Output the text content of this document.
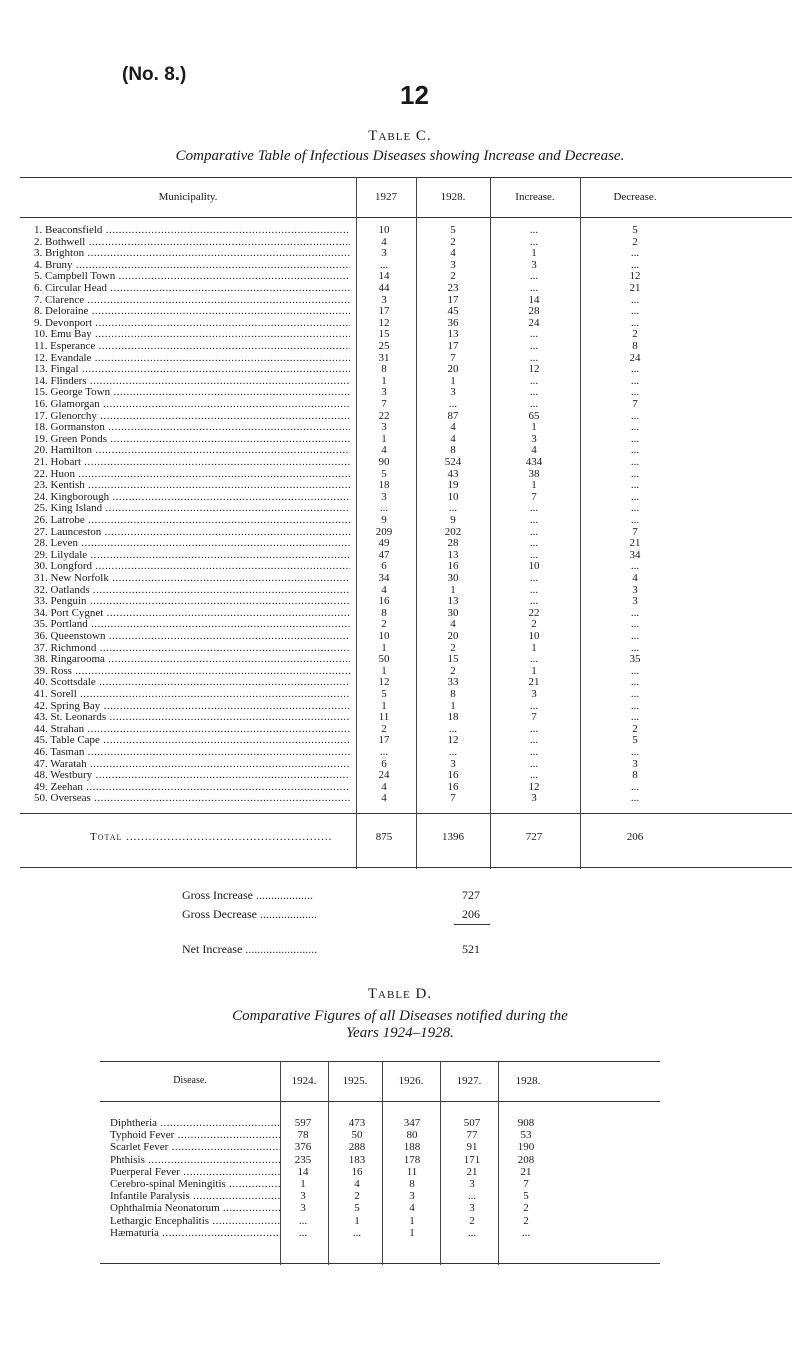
(No. 8.)
12
Table C.
Comparative Table of Infectious Diseases showing Increase and Decrease.
Municipality.	1927	1928.	Increase.	Decrease.
1. Beaconsfield .....	10	5	...	5
2. Bothwell .....	4	2	...	2
3. Brighton .....	3	4	1	...
4. Bruny .....	...	3	3	...
5. Campbell Town .....	14	2	...	12
6. Circular Head .....	44	23	...	21
7. Clarence .....	3	17	14	...
8. Deloraine .....	17	45	28	...
9. Devonport .....	12	36	24	...
10. Emu Bay .....	15	13	...	2
11. Esperance .....	25	17	...	8
12. Evandale .....	31	7	...	24
13. Fingal .....	8	20	12	...
14. Flinders .....	1	1	...	...
15. George Town .....	3	3	...	...
16. Glamorgan .....	7	...	...	7
17. Glenorchy .....	22	87	65	...
18. Gormanston .....	3	4	1	...
19. Green Ponds .....	1	4	3	...
20. Hamilton .....	4	8	4	...
21. Hobart .....	90	524	434	...
22. Huon .....	5	43	38	...
23. Kentish .....	18	19	1	...
24. Kingborough .....	3	10	7	...
25. King Island .....	...	...	...	...
26. Latrobe .....	9	9	...	...
27. Launceston .....	209	202	...	7
28. Leven .....	49	28	...	21
29. Lilydale .....	47	13	...	34
30. Longford .....	6	16	10	...
31. New Norfolk .....	34	30	...	4
32. Oatlands .....	4	1	...	3
33. Penguin .....	16	13	...	3
34. Port Cygnet .....	8	30	22	...
35. Portland .....	2	4	2	...
36. Queenstown .....	10	20	10	...
37. Richmond .....	1	2	1	...
38. Ringarooma .....	50	15	...	35
39. Ross .....	1	2	1	...
40. Scottsdale .....	12	33	21	...
41. Sorell .....	5	8	3	...
42. Spring Bay .....	1	1	...	...
43. St. Leonards .....	11	18	7	...
44. Strahan .....	2	...	...	2
45. Table Cape .....	17	12	...	5
46. Tasman .....	...	...	...	...
47. Waratah .....	6	3	...	3
48. Westbury .....	24	16	...	8
49. Zeehan .....	4	16	12	...
50. Overseas .....	4	7	3	...
Total .......................................................	875	1396	727	206
Gross Increase ...................	727
Gross Decrease ...................	206
Net Increase ........................	521
Table D.
Comparative Figures of all Diseases notified during the
Years 1924–1928.
Disease.	1924.	1925.	1926.	1927.	1928.
Diphtheria .....	597	473	347	507	908
Typhoid Fever .....	78	50	80	77	53
Scarlet Fever .....	376	288	188	91	190
Phthisis .....	235	183	178	171	208
Puerperal Fever .....	14	16	11	21	21
Cerebro-spinal Meningitis .....	1	4	8	3	7
Infantile Paralysis .....	3	2	3	...	5
Ophthalmia Neonatorum .....	3	5	4	3	2
Lethargic Encephalitis .....	...	1	1	2	2
Hæmaturia .....	...	...	1	...	...
